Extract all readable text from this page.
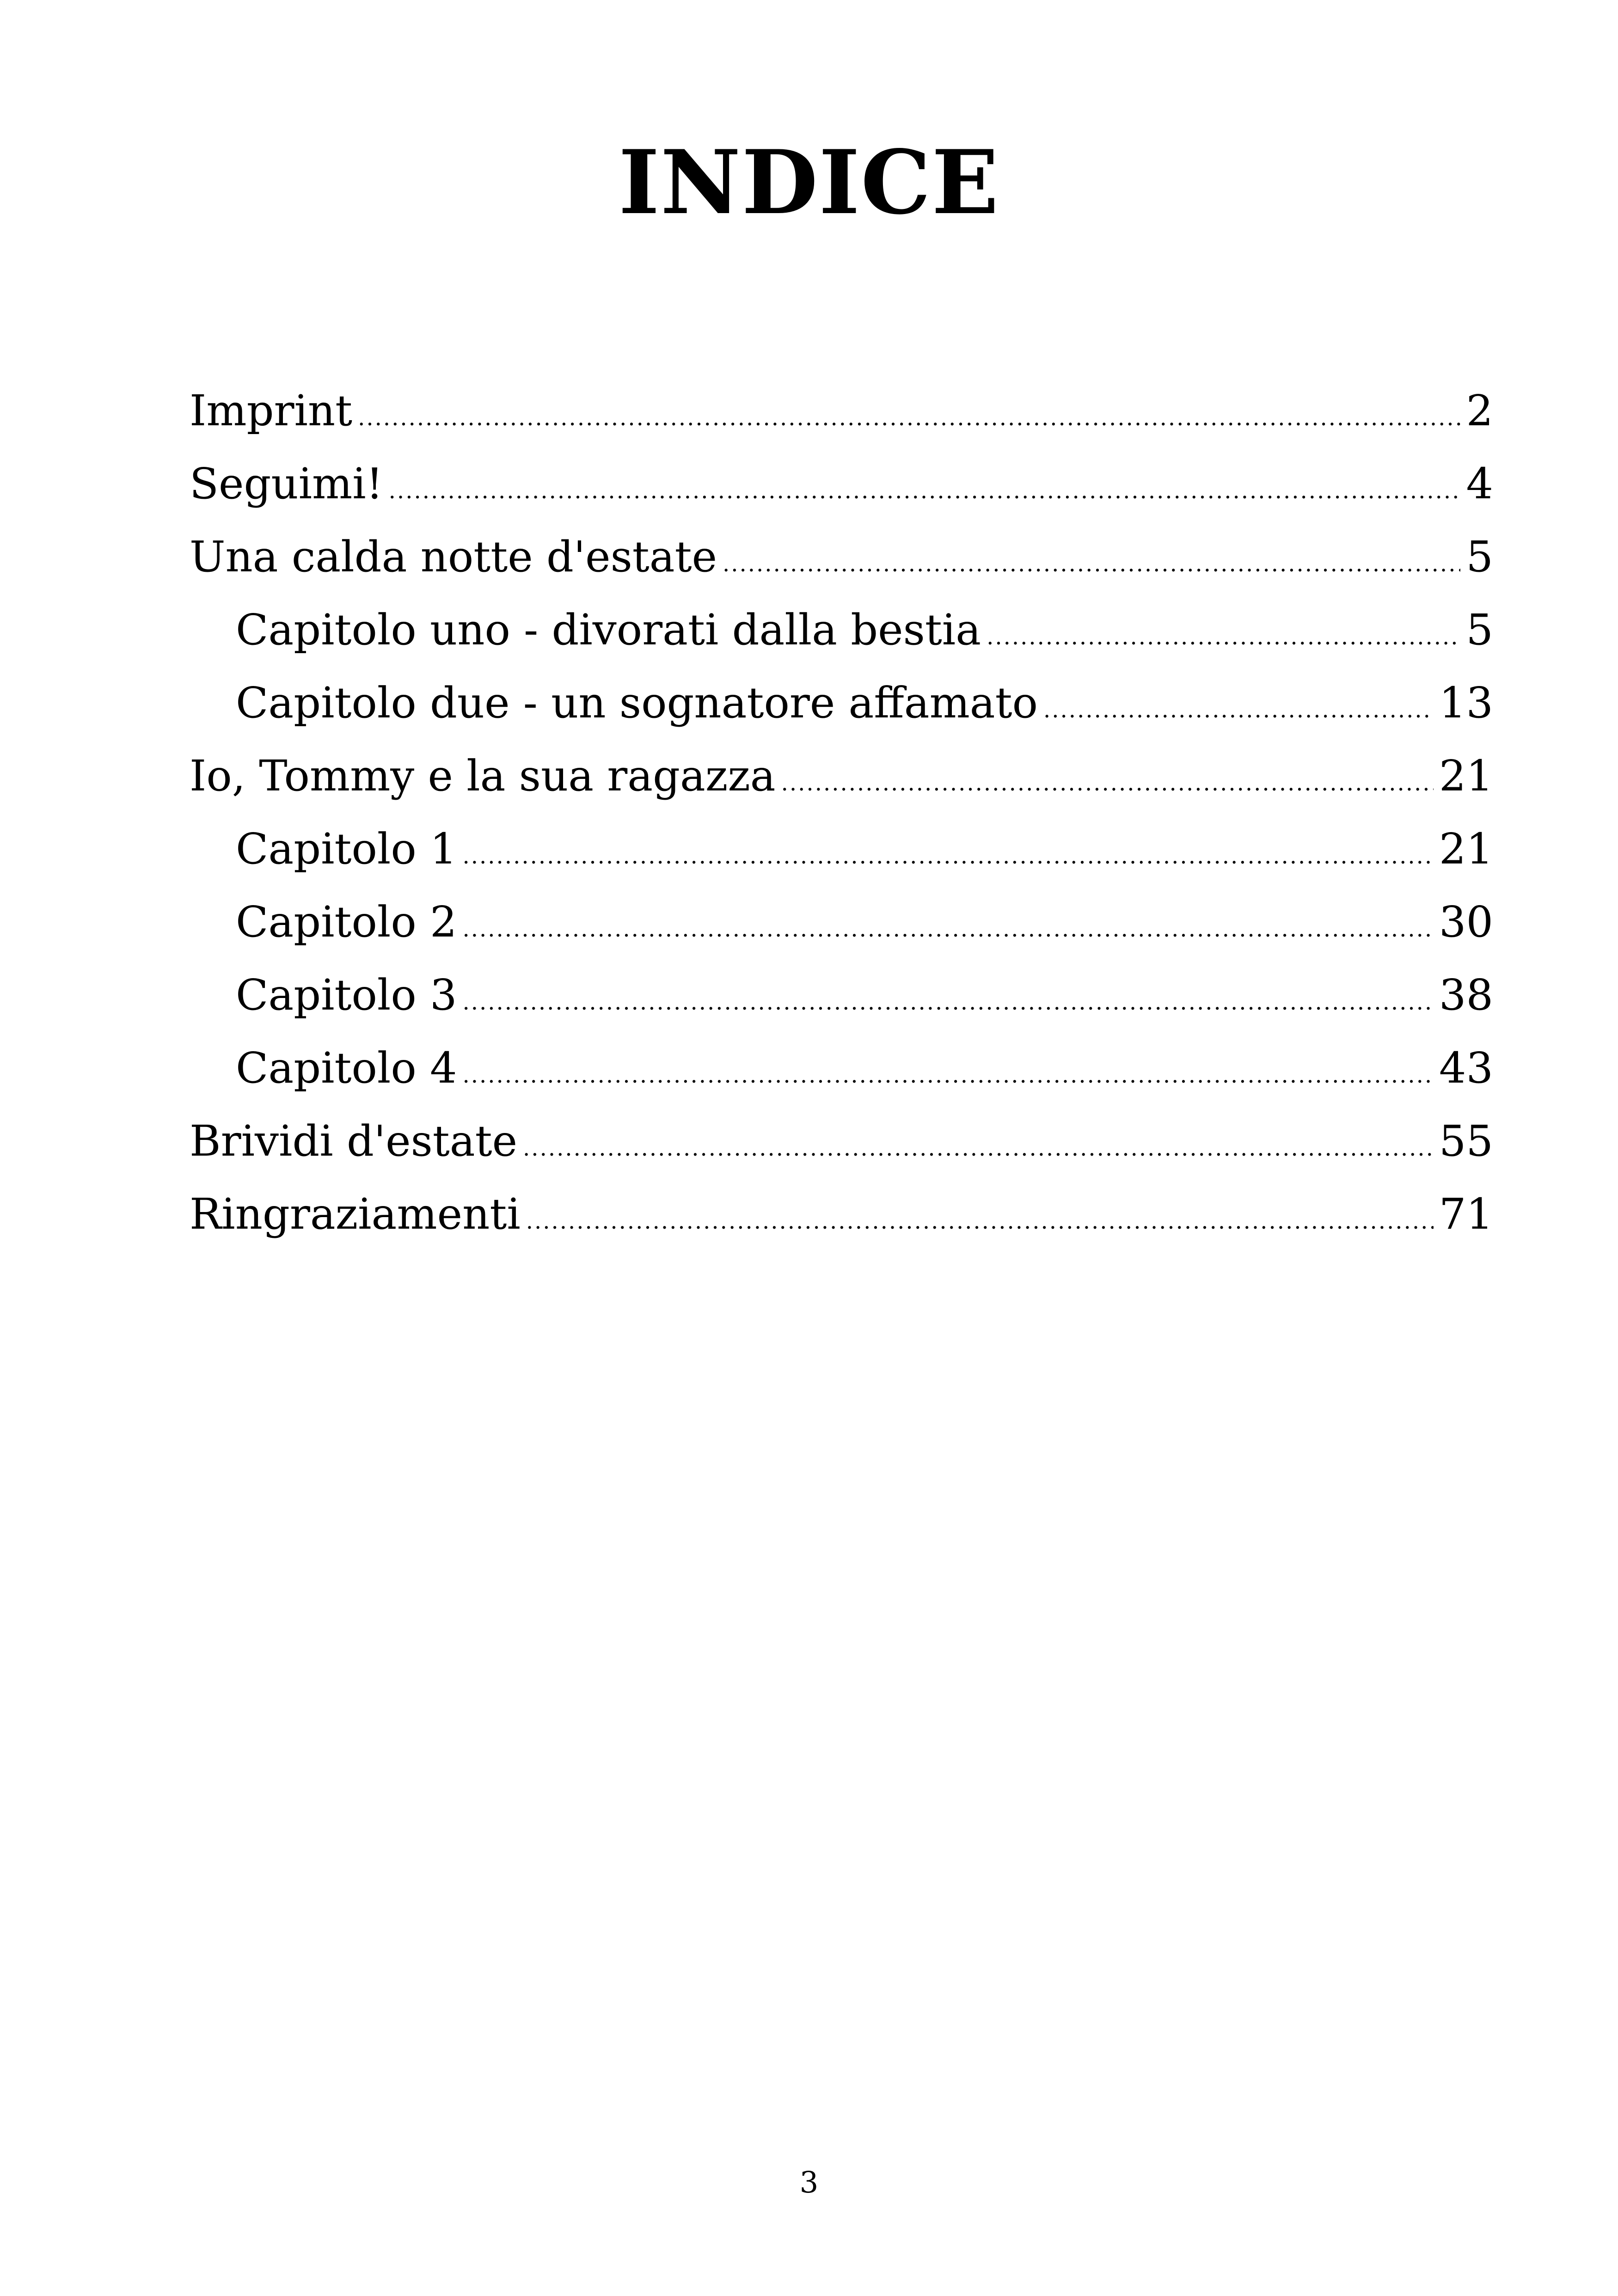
INDICE
Imprint .....	2
Seguimi! .....	4
Una calda notte d'estate .....	5
Capitolo uno - divorati dalla bestia .....	5
Capitolo due - un sognatore affamato .....	13
Io, Tommy e la sua ragazza .....	21
Capitolo 1 .....	21
Capitolo 2 .....	30
Capitolo 3 .....	38
Capitolo 4 .....	43
Brividi d'estate .....	55
Ringraziamenti .....	71
3
